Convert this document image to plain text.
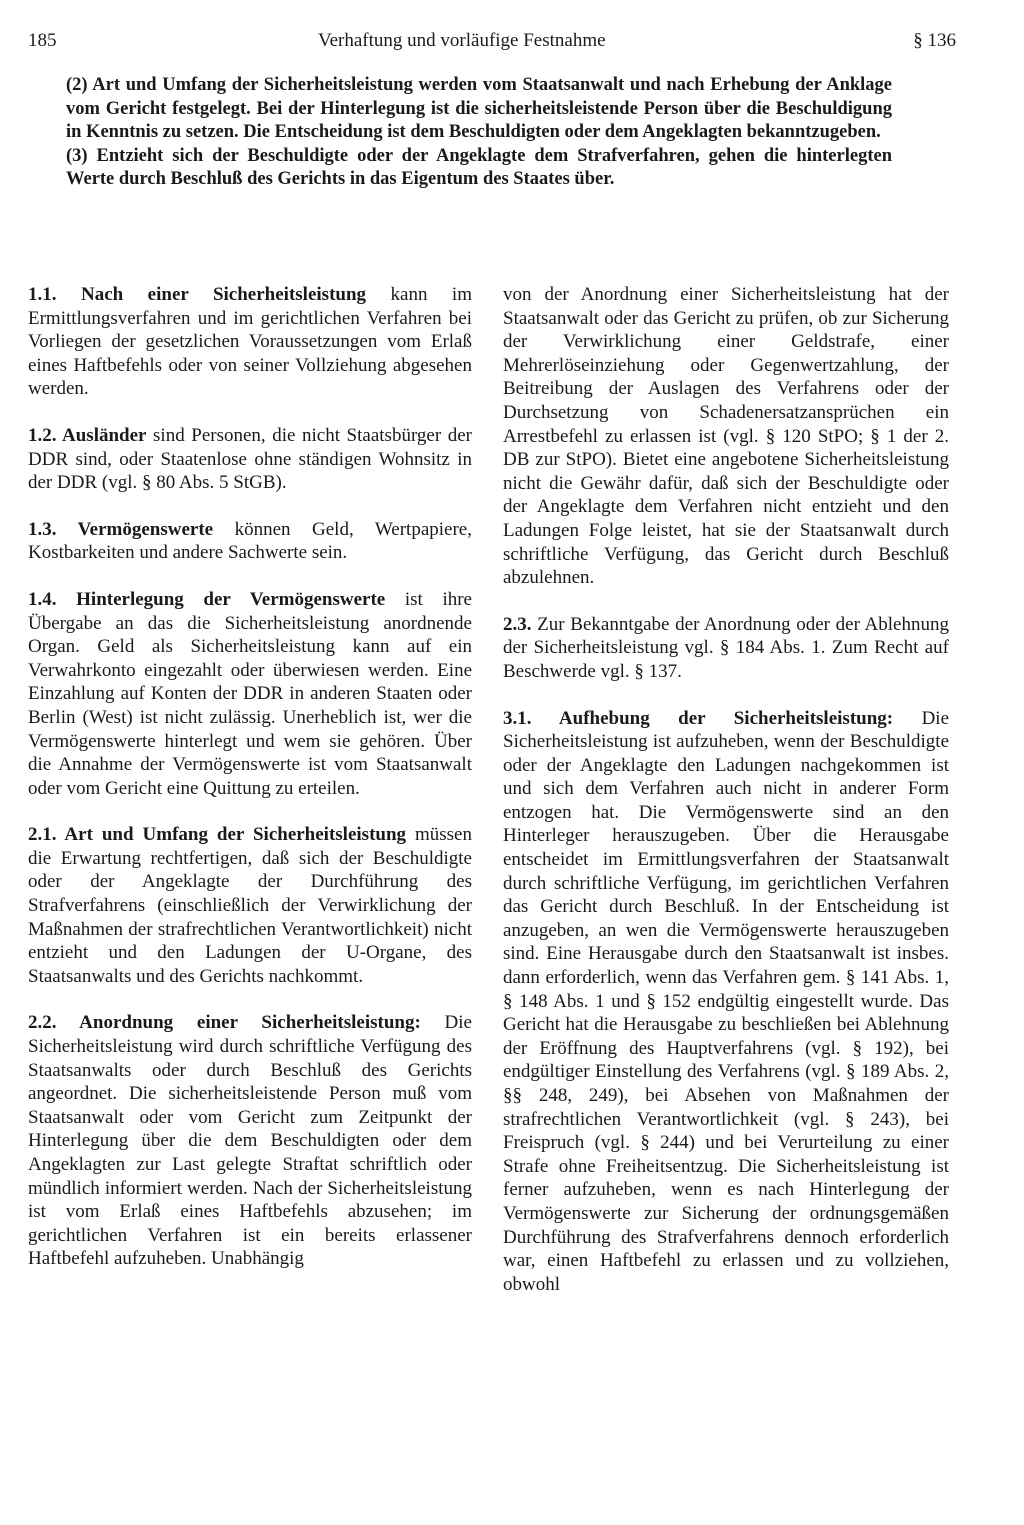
185	Verhaftung und vorläufige Festnahme	§ 136

(2) Art und Umfang der Sicherheitsleistung werden vom Staatsanwalt und nach Erhebung der Anklage vom Gericht festgelegt. Bei der Hinterlegung ist die sicherheitsleistende Person über die Beschuldigung in Kenntnis zu setzen. Die Entscheidung ist dem Beschuldigten oder dem Angeklagten bekanntzugeben.

(3) Entzieht sich der Beschuldigte oder der Angeklagte dem Strafverfahren, gehen die hinterlegten Werte durch Beschluß des Gerichts in das Eigentum des Staates über.

1.1. Nach einer Sicherheitsleistung kann im Ermittlungsverfahren und im gerichtlichen Verfahren bei Vorliegen der gesetzlichen Voraussetzungen vom Erlaß eines Haftbefehls oder von seiner Vollziehung abgesehen werden.

1.2. Ausländer sind Personen, die nicht Staatsbürger der DDR sind, oder Staatenlose ohne ständigen Wohnsitz in der DDR (vgl. § 80 Abs. 5 StGB).

1.3. Vermögenswerte können Geld, Wertpapiere, Kostbarkeiten und andere Sachwerte sein.

1.4. Hinterlegung der Vermögenswerte ist ihre Übergabe an das die Sicherheitsleistung anordnende Organ. Geld als Sicherheitsleistung kann auf ein Verwahrkonto eingezahlt oder überwiesen werden. Eine Einzahlung auf Konten der DDR in anderen Staaten oder Berlin (West) ist nicht zulässig. Unerheblich ist, wer die Vermögenswerte hinterlegt und wem sie gehören. Über die Annahme der Vermögenswerte ist vom Staatsanwalt oder vom Gericht eine Quittung zu erteilen.

2.1. Art und Umfang der Sicherheitsleistung müssen die Erwartung rechtfertigen, daß sich der Beschuldigte oder der Angeklagte der Durchführung des Strafverfahrens (einschließlich der Verwirklichung der Maßnahmen der strafrechtlichen Verantwortlichkeit) nicht entzieht und den Ladungen der U-Organe, des Staatsanwalts und des Gerichts nachkommt.

2.2. Anordnung einer Sicherheitsleistung: Die Sicherheitsleistung wird durch schriftliche Verfügung des Staatsanwalts oder durch Beschluß des Gerichts angeordnet. Die sicherheitsleistende Person muß vom Staatsanwalt oder vom Gericht zum Zeitpunkt der Hinterlegung über die dem Beschuldigten oder dem Angeklagten zur Last gelegte Straftat schriftlich oder mündlich informiert werden. Nach der Sicherheitsleistung ist vom Erlaß eines Haftbefehls abzusehen; im gerichtlichen Verfahren ist ein bereits erlassener Haftbefehl aufzuheben. Unabhängig

von der Anordnung einer Sicherheitsleistung hat der Staatsanwalt oder das Gericht zu prüfen, ob zur Sicherung der Verwirklichung einer Geldstrafe, einer Mehrerlöseinziehung oder Gegenwertzahlung, der Beitreibung der Auslagen des Verfahrens oder der Durchsetzung von Schadenersatzansprüchen ein Arrestbefehl zu erlassen ist (vgl. § 120 StPO; § 1 der 2. DB zur StPO). Bietet eine angebotene Sicherheitsleistung nicht die Gewähr dafür, daß sich der Beschuldigte oder der Angeklagte dem Verfahren nicht entzieht und den Ladungen Folge leistet, hat sie der Staatsanwalt durch schriftliche Verfügung, das Gericht durch Beschluß abzulehnen.

2.3. Zur Bekanntgabe der Anordnung oder der Ablehnung der Sicherheitsleistung vgl. § 184 Abs. 1. Zum Recht auf Beschwerde vgl. § 137.

3.1. Aufhebung der Sicherheitsleistung: Die Sicherheitsleistung ist aufzuheben, wenn der Beschuldigte oder der Angeklagte den Ladungen nachgekommen ist und sich dem Verfahren auch nicht in anderer Form entzogen hat. Die Vermögenswerte sind an den Hinterleger herauszugeben. Über die Herausgabe entscheidet im Ermittlungsverfahren der Staatsanwalt durch schriftliche Verfügung, im gerichtlichen Verfahren das Gericht durch Beschluß. In der Entscheidung ist anzugeben, an wen die Vermögenswerte herauszugeben sind. Eine Herausgabe durch den Staatsanwalt ist insbes. dann erforderlich, wenn das Verfahren gem. § 141 Abs. 1, § 148 Abs. 1 und § 152 endgültig eingestellt wurde. Das Gericht hat die Herausgabe zu beschließen bei Ablehnung der Eröffnung des Hauptverfahrens (vgl. § 192), bei endgültiger Einstellung des Verfahrens (vgl. § 189 Abs. 2, §§ 248, 249), bei Absehen von Maßnahmen der strafrechtlichen Verantwortlichkeit (vgl. § 243), bei Freispruch (vgl. § 244) und bei Verurteilung zu einer Strafe ohne Freiheitsentzug. Die Sicherheitsleistung ist ferner aufzuheben, wenn es nach Hinterlegung der Vermögenswerte zur Sicherung der ordnungsgemäßen Durchführung des Strafverfahrens dennoch erforderlich war, einen Haftbefehl zu erlassen und zu vollziehen, obwohl
